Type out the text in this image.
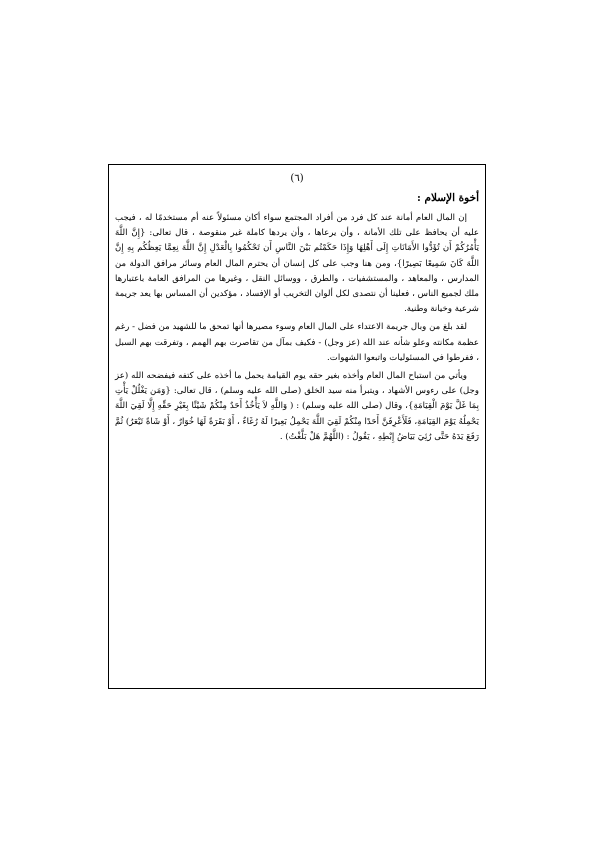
(٦)
أخوة الإسلام :

إن المال العام أمانة عند كل فرد من أفراد المجتمع سواء أكان مسئولاً عنه أم مستخدمًا له ، فيجب عليه أن يحافظ على تلك الأمانة ، وأن يرعاها ، وأن يردها كاملة غير منقوصة ، قال تعالى: {إِنَّ اللَّهَ يَأْمُرُكُمْ أَن تُؤَدُّوا الأَمَانَاتِ إِلَى أَهْلِهَا وَإِذَا حَكَمْتُم بَيْنَ النَّاسِ أَن تَحْكُمُوا بِالْعَدْلِ إِنَّ اللَّهَ نِعِمَّا يَعِظُكُم بِهِ إِنَّ اللَّهَ كَانَ سَمِيعًا بَصِيرًا}، ومن هنا وجب على كل إنسان أن يحترم المال العام وسائر مرافق الدولة من المدارس ، والمعاهد ، والمستشفيات ، والطرق ، ووسائل النقل ، وغيرها من المرافق العامة باعتبارها ملك لجميع الناس ، فعلينا أن نتصدى لكل ألوان التخريب أو الإفساد ، مؤكدين أن المساس بها يعد جريمة شرعية وخيانة وطنية.

لقد بلغ من وبال جريمة الاعتداء على المال العام وسوء مصيرها أنها تمحق ما للشهيد من فضل - رغم عظمة مكانته وعلو شأنه عند الله (عز وجل) - فكيف بمآل من تقاصرت بهم الهمم ، وتفرقت بهم السبل ، ففرطوا في المسئوليات واتبعوا الشهوات.

ويأتي من استباح المال العام وأخذه بغير حقه يوم القيامة يحمل ما أخذه على كتفه فيفضحه الله (عز وجل) على رءوس الأشهاد ، ويتبرأ منه سيد الخلق (صلى الله عليه وسلم) ، قال تعالى: {وَمَن يَغْلُلْ يَأْتِ بِمَا غَلَّ يَوْمَ الْقِيَامَةِ}، وقال (صلى الله عليه وسلم) : ( وَاللَّهِ لاَ يَأْخُذُ أَحَدٌ مِنْكُمْ شَيْئًا بِغَيْرِ حَقِّهِ إِلَّا لَقِيَ اللَّهَ يَحْمِلُهُ يَوْمَ القِيَامَةِ، فَلَأَعْرِفَنَّ أَحَدًا مِنْكُمْ لَقِيَ اللَّهَ يَحْمِلُ بَعِيرًا لَهُ رُغَاءٌ ، أَوْ بَقَرَةً لَهَا خُوَارٌ ، أَوْ شَاةً تَيْعَرُ) ثُمَّ رَفَعَ يَدَهُ حَتَّى رُئِيَ بَيَاضُ إِبْطِهِ ، يَقُولُ : (اللَّهُمَّ هَلْ بَلَّغْتُ) .
